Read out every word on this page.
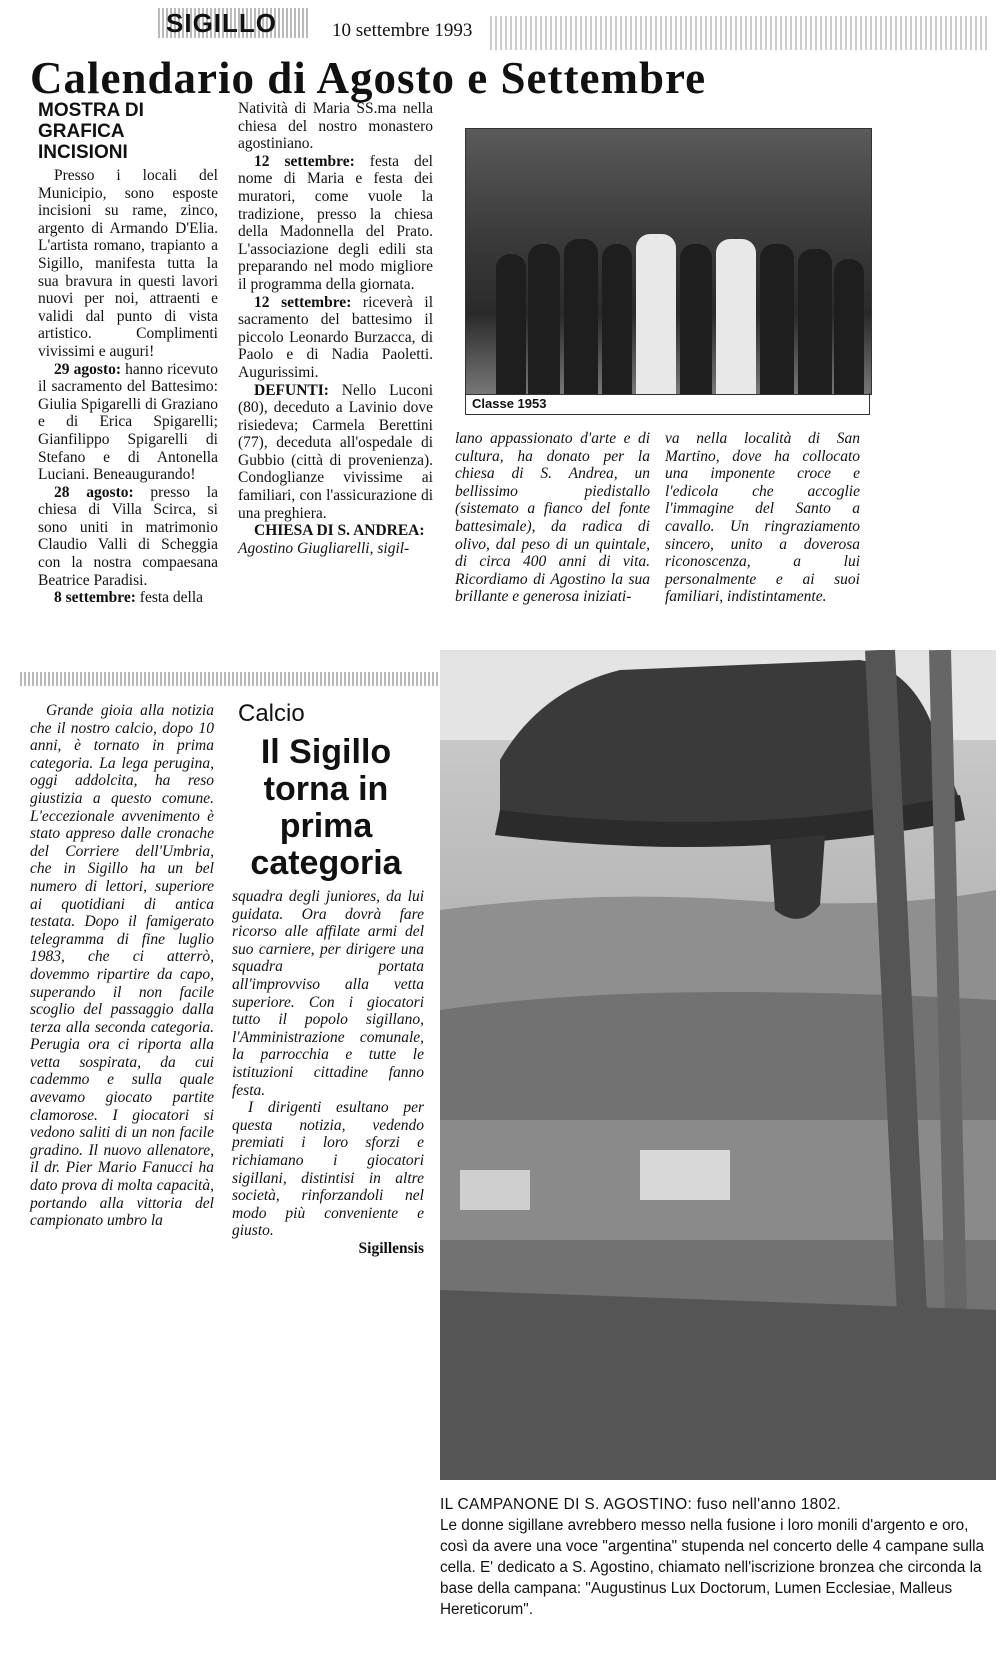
SIGILLO	10 settembre 1993
Calendario di Agosto e Settembre
MOSTRA DI GRAFICA INCISIONI

Presso i locali del Municipio, sono esposte incisioni su rame, zinco, argento di Armando D'Elia. L'artista romano, trapianto a Sigillo, manifesta tutta la sua bravura in questi lavori nuovi per noi, attraenti e validi dal punto di vista artistico. Complimenti vivissimi e auguri!

29 agosto: hanno ricevuto il sacramento del Battesimo: Giulia Spigarelli di Graziano e di Erica Spigarelli; Gianfilippo Spigarelli di Stefano e di Antonella Luciani. Beneaugurando!

28 agosto: presso la chiesa di Villa Scirca, si sono uniti in matrimonio Claudio Valli di Scheggia con la nostra compaesana Beatrice Paradisi.

8 settembre: festa della

Natività di Maria SS.ma nella chiesa del nostro monastero agostiniano.

12 settembre: festa del nome di Maria e festa dei muratori, come vuole la tradizione, presso la chiesa della Madonnella del Prato. L'associazione degli edili sta preparando nel modo migliore il programma della giornata.

12 settembre: riceverà il sacramento del battesimo il piccolo Leonardo Burzacca, di Paolo e di Nadia Paoletti. Augurissimi.

DEFUNTI: Nello Luconi (80), deceduto a Lavinio dove risiedeva; Carmela Berettini (77), deceduta all'ospedale di Gubbio (città di provenienza). Condoglianze vivissime ai familiari, con l'assicurazione di una preghiera.

CHIESA DI S. ANDREA:
Agostino Giugliarelli, sigil-

Classe 1953

lano appassionato d'arte e di cultura, ha donato per la chiesa di S. Andrea, un bellissimo piedistallo (sistemato a fianco del fonte battesimale), da radica di olivo, dal peso di un quintale, di circa 400 anni di vita. Ricordiamo di Agostino la sua brillante e generosa iniziati-

va nella località di San Martino, dove ha collocato una imponente croce e l'edicola che accoglie l'immagine del Santo a cavallo. Un ringraziamento sincero, unito a doverosa riconoscenza, a lui personalmente e ai suoi familiari, indistintamente.

Calcio
Il Sigillo torna in prima categoria

Grande gioia alla notizia che il nostro calcio, dopo 10 anni, è tornato in prima categoria. La lega perugina, oggi addolcita, ha reso giustizia a questo comune. L'eccezionale avvenimento è stato appreso dalle cronache del Corriere dell'Umbria, che in Sigillo ha un bel numero di lettori, superiore ai quotidiani di antica testata. Dopo il famigerato telegramma di fine luglio 1983, che ci atterrò, dovemmo ripartire da capo, superando il non facile scoglio del passaggio dalla terza alla seconda categoria. Perugia ora ci riporta alla vetta sospirata, da cui cademmo e sulla quale avevamo giocato partite clamorose. I giocatori si vedono saliti di un non facile gradino. Il nuovo allenatore, il dr. Pier Mario Fanucci ha dato prova di molta capacità, portando alla vittoria del campionato umbro la

squadra degli juniores, da lui guidata. Ora dovrà fare ricorso alle affilate armi del suo carniere, per dirigere una squadra portata all'improvviso alla vetta superiore. Con i giocatori tutto il popolo sigillano, l'Amministrazione comunale, la parrocchia e tutte le istituzioni cittadine fanno festa.

I dirigenti esultano per questa notizia, vedendo premiati i loro sforzi e richiamano i giocatori sigillani, distintisi in altre società, rinforzandoli nel modo più conveniente e giusto.

Sigillensis
IL CAMPANONE DI S. AGOSTINO: fuso nell'anno 1802.
Le donne sigillane avrebbero messo nella fusione i loro monili d'argento e oro, così da avere una voce "argentina" stupenda nel concerto delle 4 campane sulla cella. E' dedicato a S. Agostino, chiamato nell'iscrizione bronzea che circonda la base della campana: "Augustinus Lux Doctorum, Lumen Ecclesiae, Malleus Hereticorum".
